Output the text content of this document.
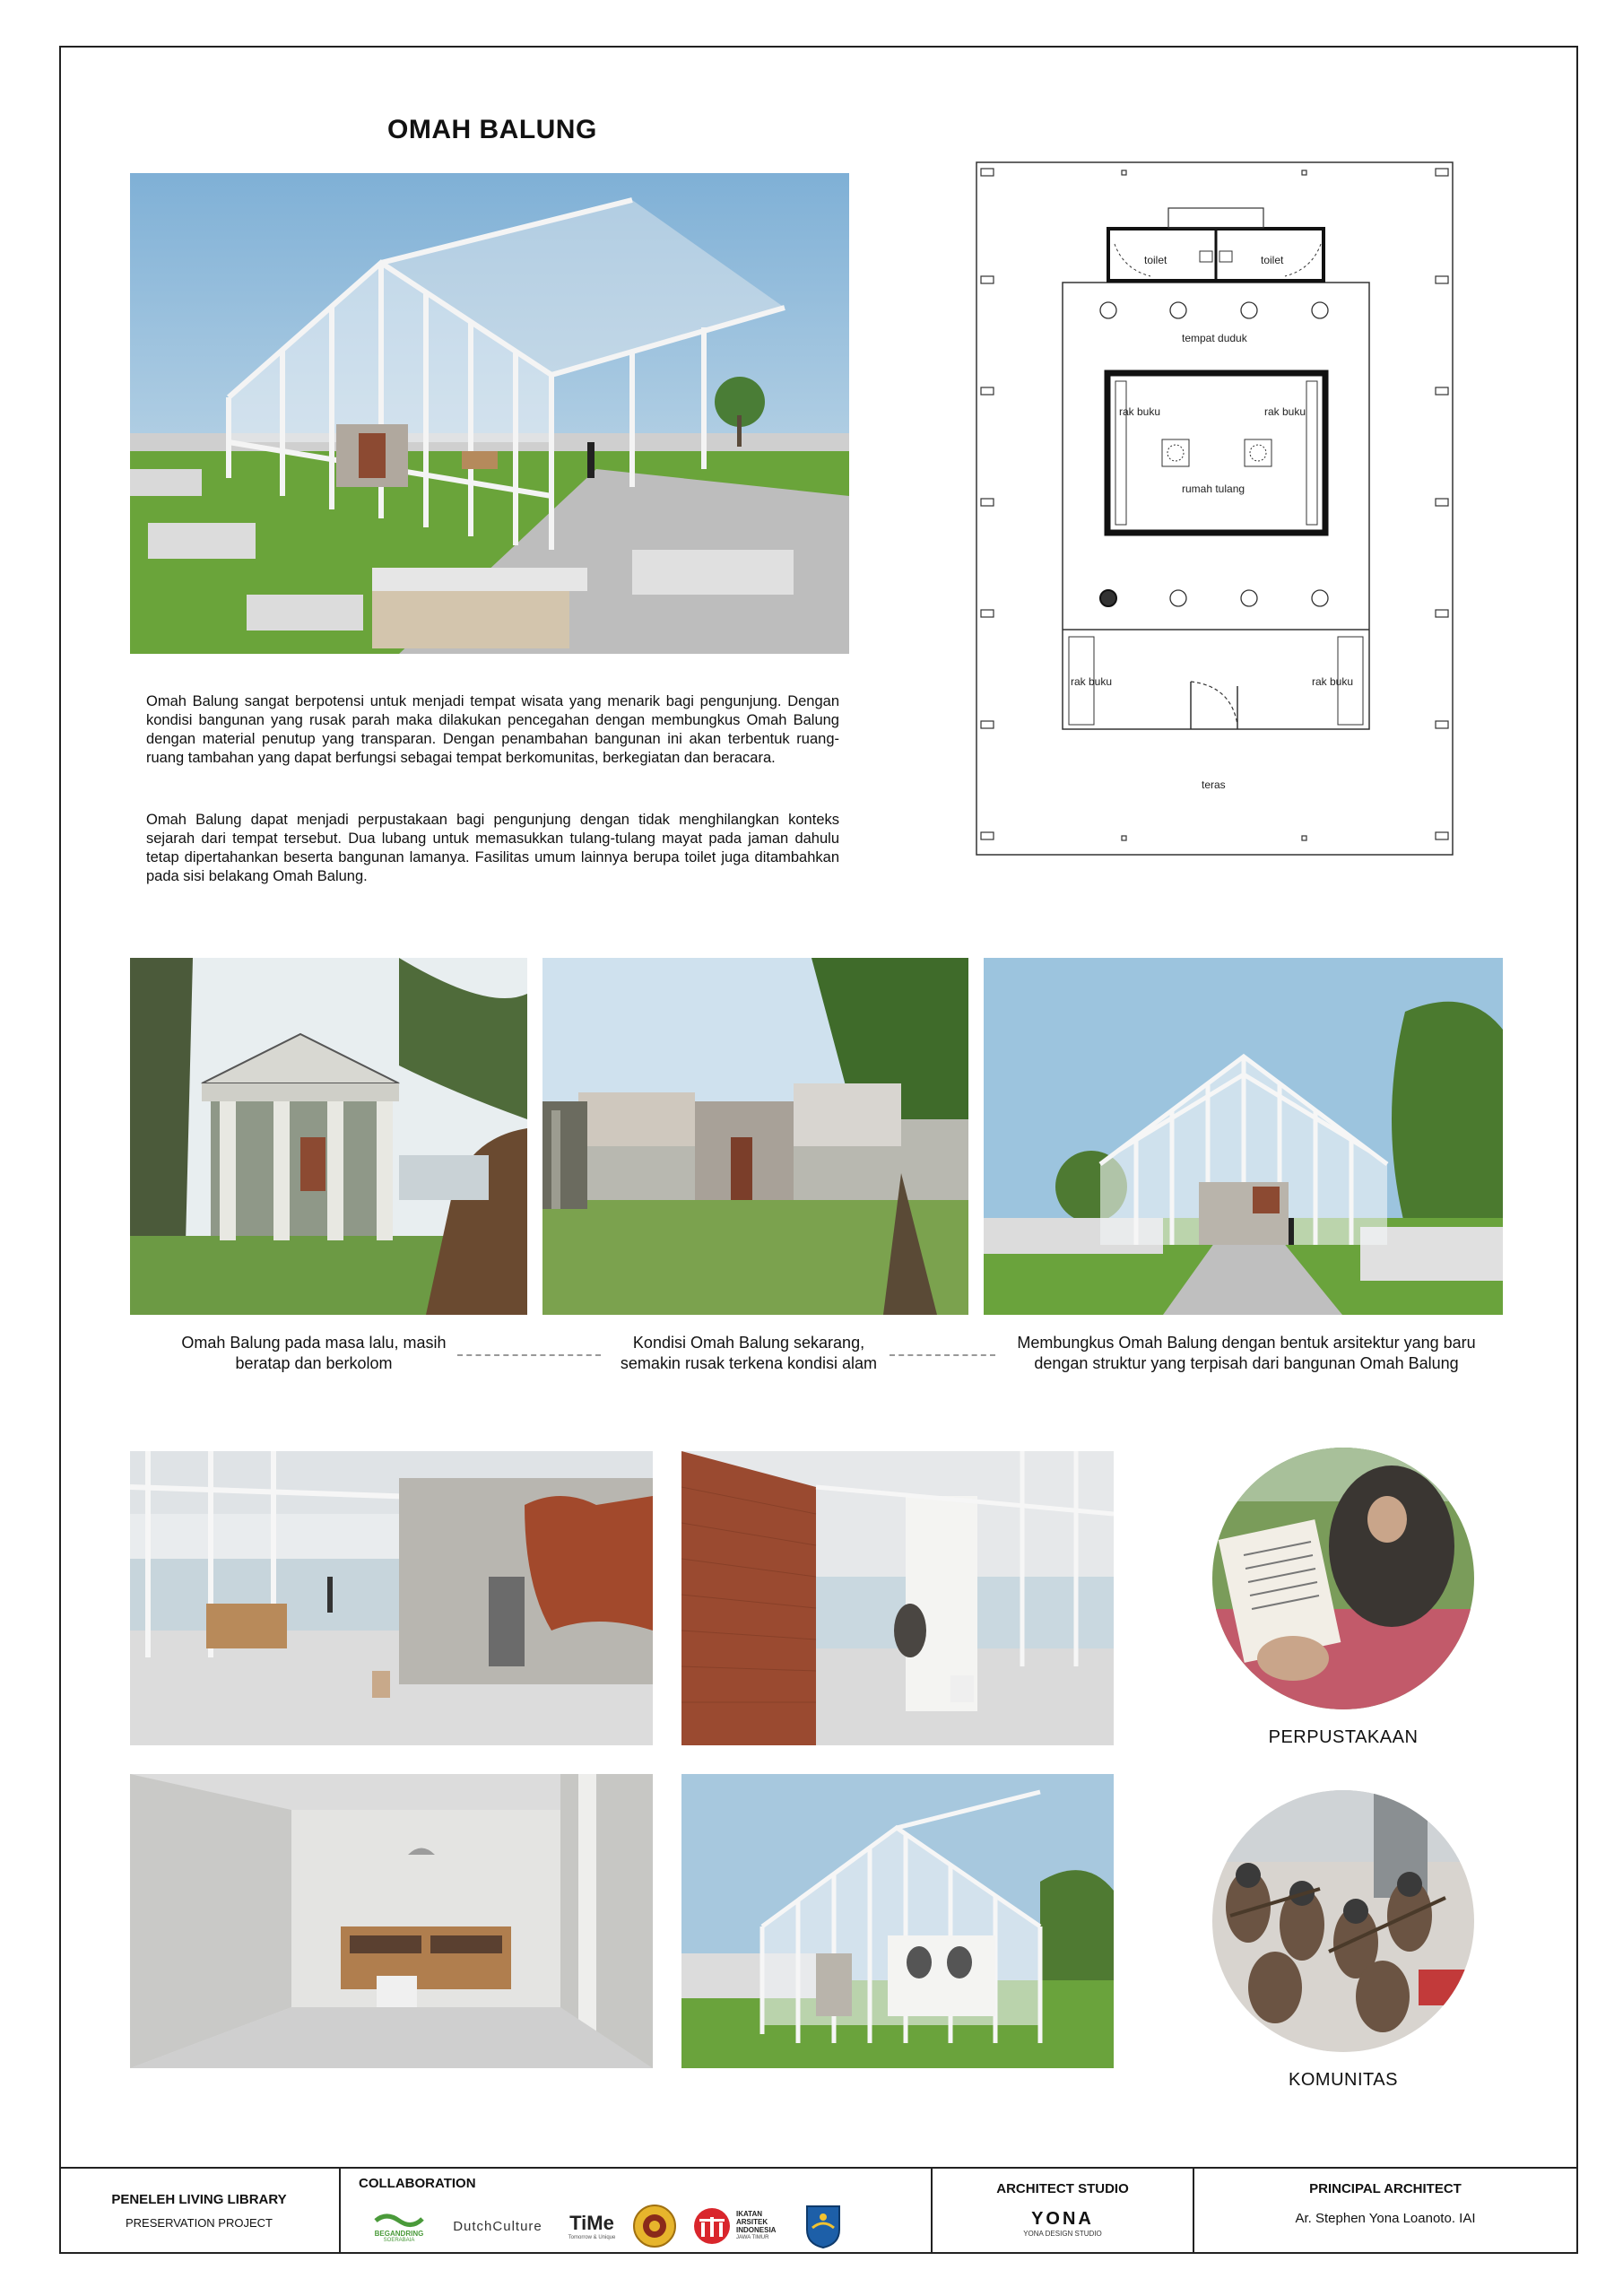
OMAH BALUNG
Omah Balung sangat berpotensi untuk menjadi tempat wisata yang menarik bagi pengunjung. Dengan kondisi bangunan yang rusak parah maka dilakukan pencegahan dengan membungkus Omah Balung dengan material penutup yang transparan. Dengan penambahan bangunan ini akan terbentuk ruang-ruang tambahan yang dapat berfungsi sebagai tempat berkomunitas, berkegiatan dan beracara.
Omah Balung dapat menjadi perpustakaan bagi pengunjung dengan tidak menghilangkan konteks sejarah dari tempat tersebut. Dua lubang untuk memasukkan tulang-tulang mayat pada jaman dahulu tetap dipertahankan beserta bangunan lamanya. Fasilitas umum lainnya berupa toilet juga ditambahkan pada sisi belakang Omah Balung.
toilet	toilet
tempat duduk
rak buku	rak buku
rumah tulang
rak buku	rak buku
teras
Omah Balung pada masa lalu, masih
beratap dan berkolom
Kondisi Omah Balung sekarang,
semakin rusak terkena kondisi alam
Membungkus Omah Balung dengan bentuk arsitektur yang baru
dengan struktur yang terpisah dari bangunan Omah Balung
PERPUSTAKAAN
KOMUNITAS
PENELEH LIVING LIBRARY
PRESERVATION PROJECT
COLLABORATION
BEGANDRING
SOERABAIA
DutchCulture	TiMe
Tomorrow & Unique
IKATAN ARSITEK INDONESIA
JAWA TIMUR
ARCHITECT STUDIO
YONA
YONA DESIGN STUDIO
PRINCIPAL ARCHITECT
Ar. Stephen Yona Loanoto. IAI
